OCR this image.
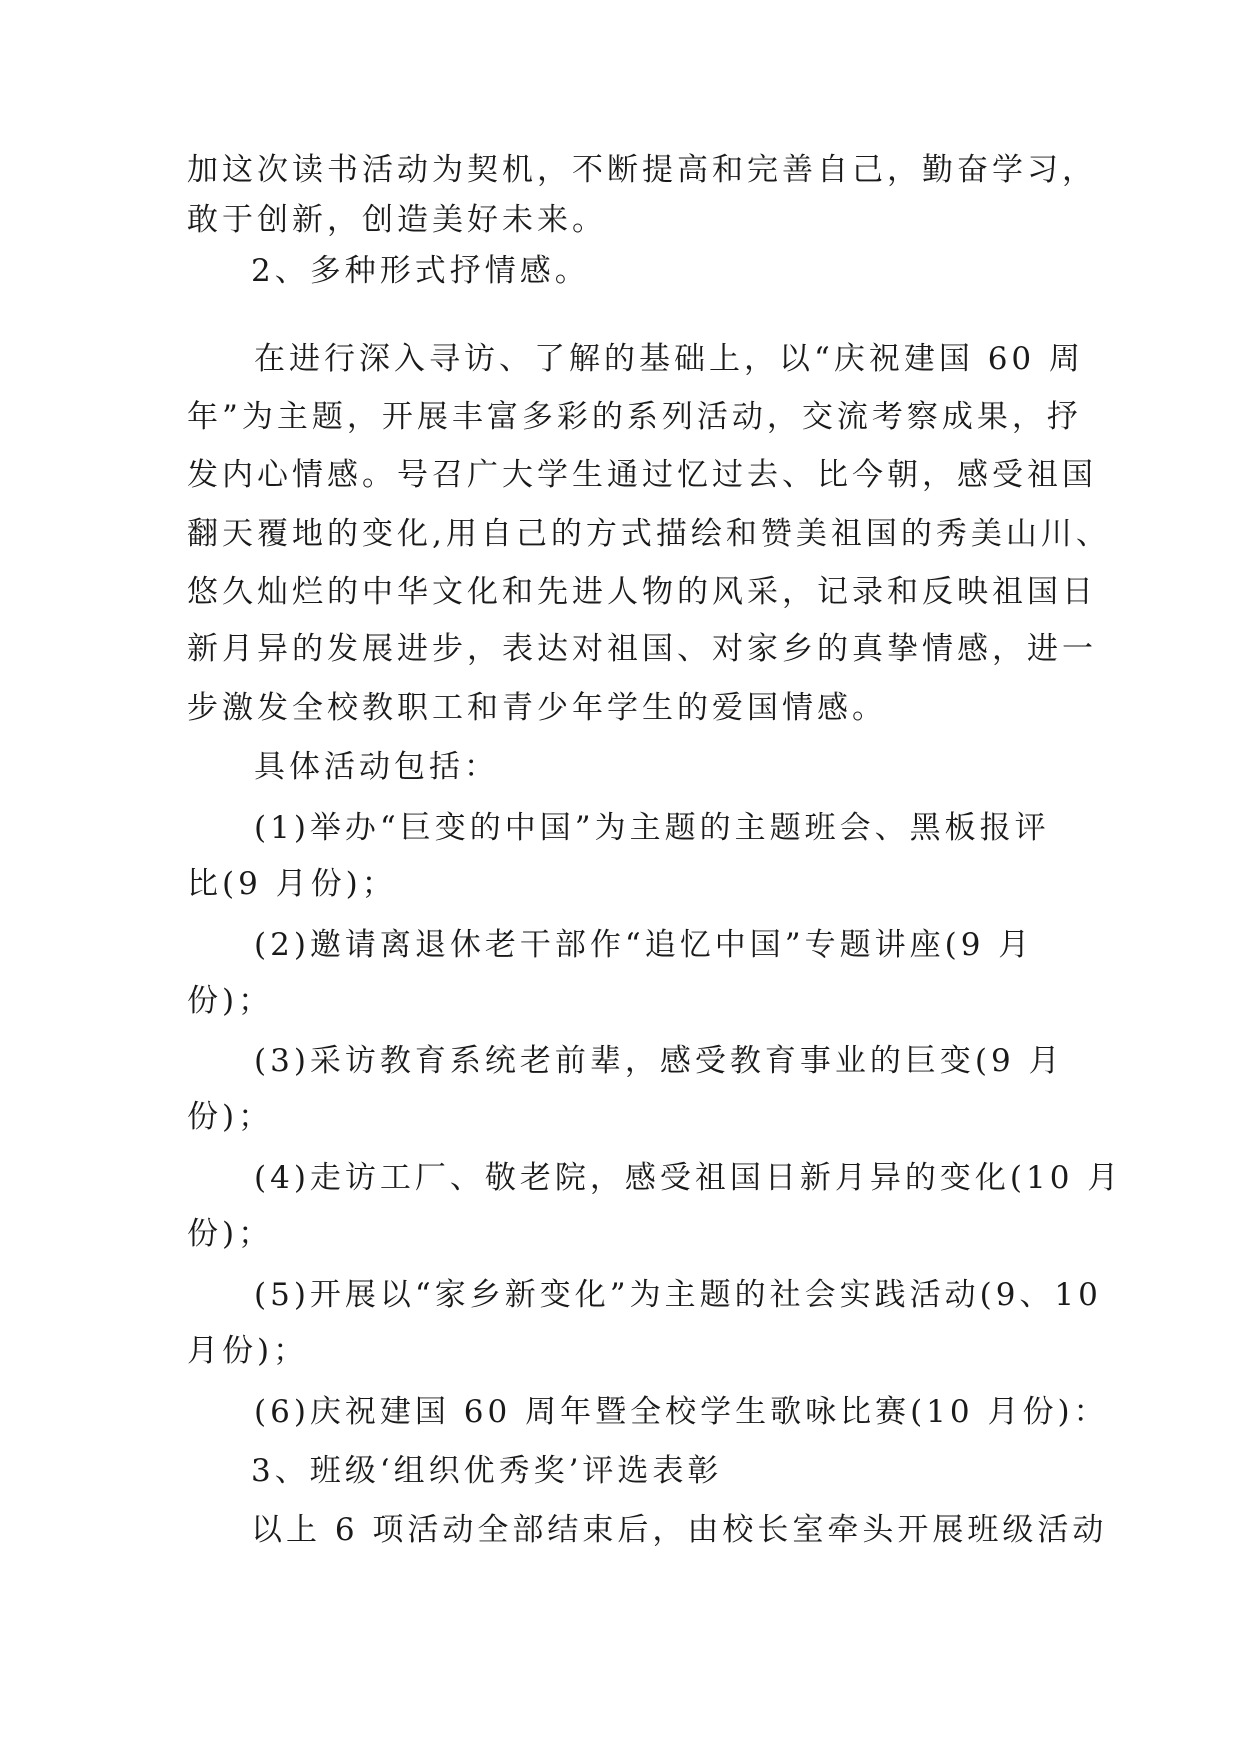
加这次读书活动为契机，不断提高和完善自己，勤奋学习，
敢于创新，创造美好未来。
2、多种形式抒情感。
在进行深入寻访、了解的基础上，以“庆祝建国 60 周
年”为主题，开展丰富多彩的系列活动，交流考察成果，抒
发内心情感。号召广大学生通过忆过去、比今朝，感受祖国
翻天覆地的变化,用自己的方式描绘和赞美祖国的秀美山川、
悠久灿烂的中华文化和先进人物的风采，记录和反映祖国日
新月异的发展进步，表达对祖国、对家乡的真挚情感，进一
步激发全校教职工和青少年学生的爱国情感。
具体活动包括：
(1)举办“巨变的中国”为主题的主题班会、黑板报评
比(9 月份)；
(2)邀请离退休老干部作“追忆中国”专题讲座(9 月
份)；
(3)采访教育系统老前辈，感受教育事业的巨变(9 月
份)；
(4)走访工厂、敬老院，感受祖国日新月异的变化(10 月
份)；
(5)开展以“家乡新变化”为主题的社会实践活动(9、10
月份)；
(6)庆祝建国 60 周年暨全校学生歌咏比赛(10 月份)：
3、班级‘组织优秀奖’评选表彰
以上 6 项活动全部结束后，由校长室牵头开展班级活动
